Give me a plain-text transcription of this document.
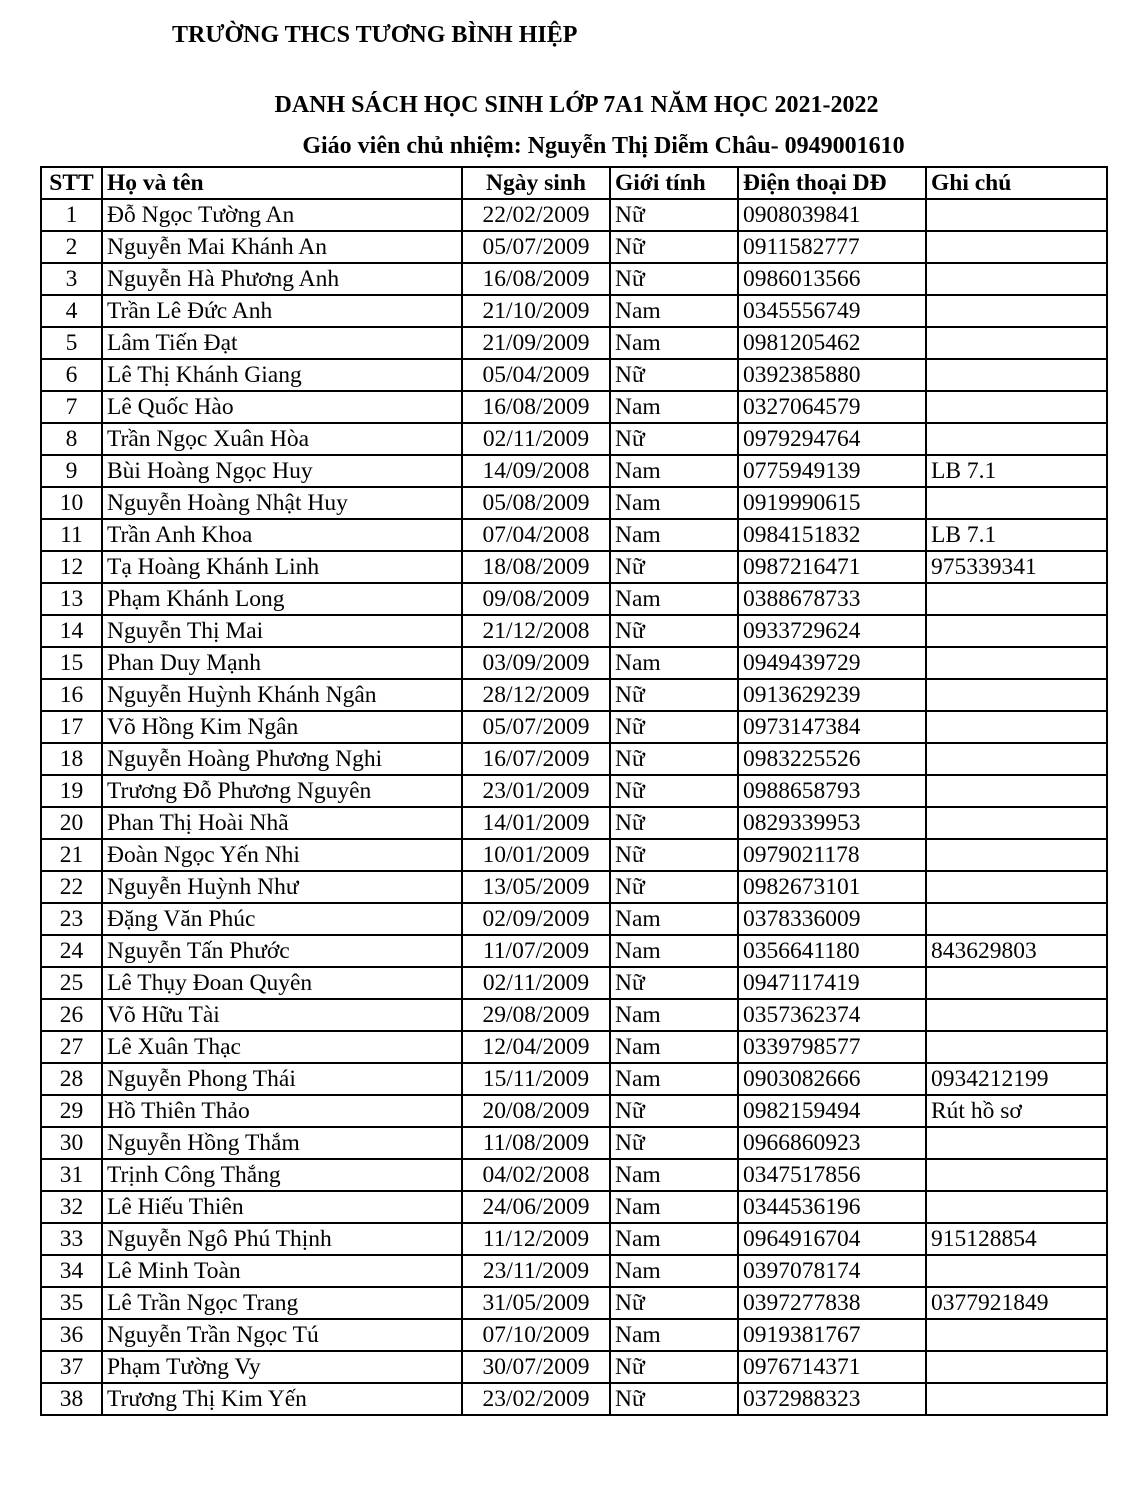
TRƯỜNG THCS TƯƠNG BÌNH HIỆP
DANH SÁCH HỌC SINH LỚP 7A1 NĂM HỌC 2021-2022
Giáo viên chủ nhiệm: Nguyễn Thị Diễm Châu- 0949001610
STT	Họ và tên	Ngày sinh	Giới tính	Điện thoại DĐ	Ghi chú
1	Đỗ Ngọc Tường An	22/02/2009	Nữ	0908039841	
2	Nguyễn Mai Khánh An	05/07/2009	Nữ	0911582777	
3	Nguyễn Hà Phương Anh	16/08/2009	Nữ	0986013566	
4	Trần Lê Đức Anh	21/10/2009	Nam	0345556749	
5	Lâm Tiến Đạt	21/09/2009	Nam	0981205462	
6	Lê Thị Khánh Giang	05/04/2009	Nữ	0392385880	
7	Lê Quốc Hào	16/08/2009	Nam	0327064579	
8	Trần Ngọc Xuân Hòa	02/11/2009	Nữ	0979294764	
9	Bùi Hoàng Ngọc Huy	14/09/2008	Nam	0775949139	LB 7.1
10	Nguyễn Hoàng Nhật Huy	05/08/2009	Nam	0919990615	
11	Trần Anh Khoa	07/04/2008	Nam	0984151832	LB 7.1
12	Tạ Hoàng Khánh Linh	18/08/2009	Nữ	0987216471	975339341
13	Phạm Khánh Long	09/08/2009	Nam	0388678733	
14	Nguyễn Thị Mai	21/12/2008	Nữ	0933729624	
15	Phan Duy Mạnh	03/09/2009	Nam	0949439729	
16	Nguyễn Huỳnh Khánh Ngân	28/12/2009	Nữ	0913629239	
17	Võ Hồng Kim Ngân	05/07/2009	Nữ	0973147384	
18	Nguyễn Hoàng Phương Nghi	16/07/2009	Nữ	0983225526	
19	Trương Đỗ Phương Nguyên	23/01/2009	Nữ	0988658793	
20	Phan Thị Hoài Nhã	14/01/2009	Nữ	0829339953	
21	Đoàn Ngọc Yến Nhi	10/01/2009	Nữ	0979021178	
22	Nguyễn Huỳnh Như	13/05/2009	Nữ	0982673101	
23	Đặng Văn Phúc	02/09/2009	Nam	0378336009	
24	Nguyễn Tấn Phước	11/07/2009	Nam	0356641180	843629803
25	Lê Thụy Đoan Quyên	02/11/2009	Nữ	0947117419	
26	Võ Hữu Tài	29/08/2009	Nam	0357362374	
27	Lê Xuân Thạc	12/04/2009	Nam	0339798577	
28	Nguyễn Phong Thái	15/11/2009	Nam	0903082666	0934212199
29	Hồ Thiên Thảo	20/08/2009	Nữ	0982159494	Rút hồ sơ
30	Nguyễn Hồng Thắm	11/08/2009	Nữ	0966860923	
31	Trịnh Công Thắng	04/02/2008	Nam	0347517856	
32	Lê Hiếu Thiên	24/06/2009	Nam	0344536196	
33	Nguyễn Ngô Phú Thịnh	11/12/2009	Nam	0964916704	915128854
34	Lê Minh Toàn	23/11/2009	Nam	0397078174	
35	Lê Trần Ngọc Trang	31/05/2009	Nữ	0397277838	0377921849
36	Nguyễn Trần Ngọc Tú	07/10/2009	Nam	0919381767	
37	Phạm Tường Vy	30/07/2009	Nữ	0976714371	
38	Trương Thị Kim Yến	23/02/2009	Nữ	0372988323	
